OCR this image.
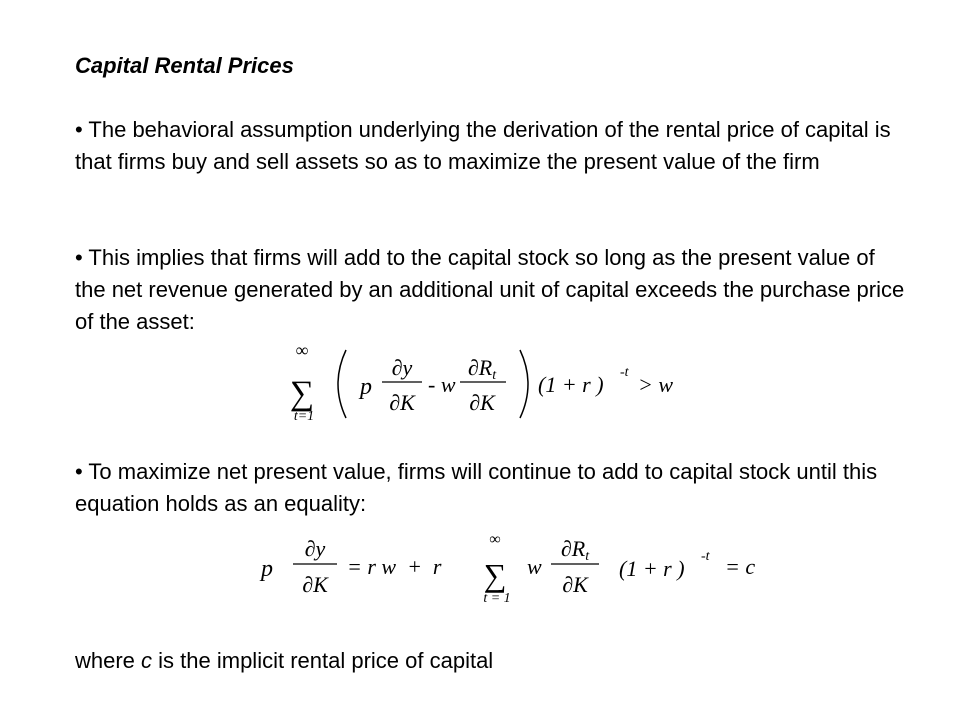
Capital Rental Prices
• The behavioral assumption underlying the derivation of the rental price of capital is that firms buy and sell assets so as to maximize the present value of the firm
• This implies that firms will add to the capital stock so long as the present value of the net revenue generated by an additional unit of capital exceeds the purchase price of the asset:
∞
∑
t=1
p
∂y
∂K
- w
∂Rt
∂K
(1 + r ) -t > w
• To maximize net present value, firms will continue to add to capital stock until this equation holds as an equality:
p
∂y
∂K
= r w  +  r
∞
∑
t = 1
w
∂Rt
∂K
(1 + r ) -t = c
where c is the implicit rental price of capital
